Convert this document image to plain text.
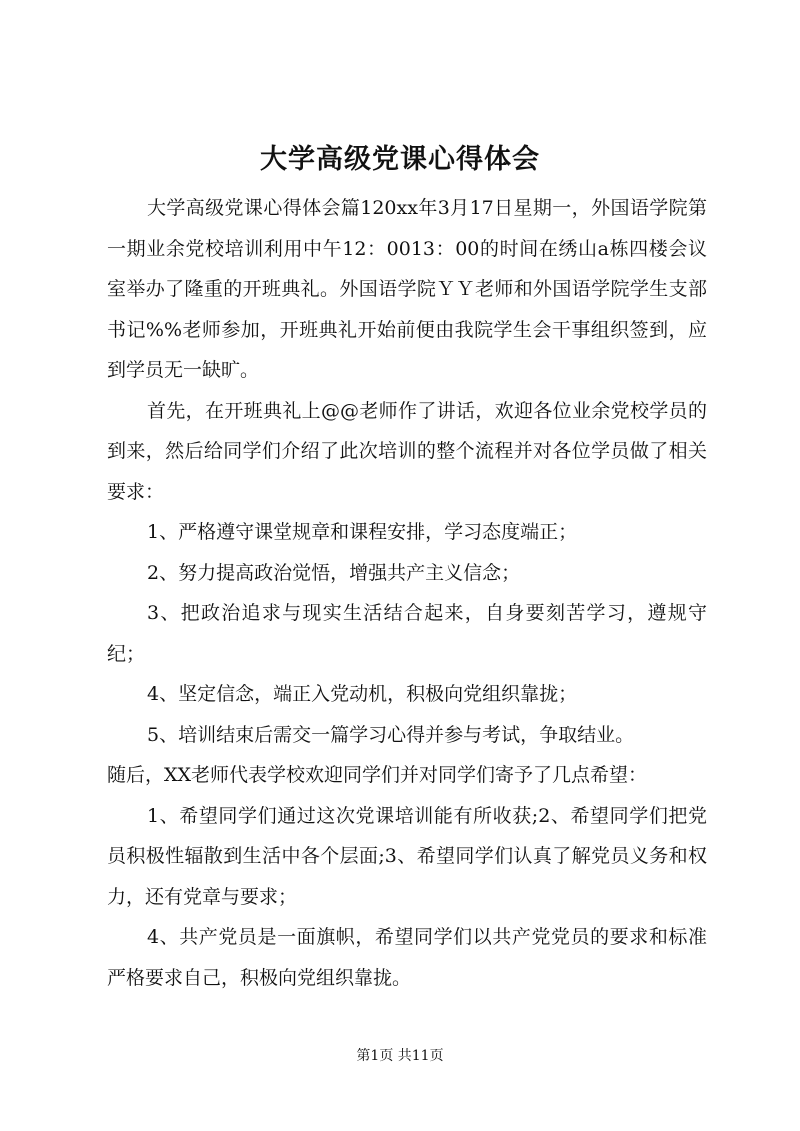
大学高级党课心得体会

大学高级党课心得体会篇120xx年3月17日星期一，外国语学院第一期业余党校培训利用中午12：0013：00的时间在绣山a栋四楼会议室举办了隆重的开班典礼。外国语学院ＹＹ老师和外国语学院学生支部书记%%老师参加，开班典礼开始前便由我院学生会干事组织签到，应到学员无一缺旷。

首先，在开班典礼上@@老师作了讲话，欢迎各位业余党校学员的到来，然后给同学们介绍了此次培训的整个流程并对各位学员做了相关要求：

1、严格遵守课堂规章和课程安排，学习态度端正；

2、努力提高政治觉悟，增强共产主义信念；

3、把政治追求与现实生活结合起来，自身要刻苦学习，遵规守纪；

4、坚定信念，端正入党动机，积极向党组织靠拢；

5、培训结束后需交一篇学习心得并参与考试，争取结业。

随后，XX老师代表学校欢迎同学们并对同学们寄予了几点希望：

1、希望同学们通过这次党课培训能有所收获;2、希望同学们把党员积极性辐散到生活中各个层面;3、希望同学们认真了解党员义务和权力，还有党章与要求；

4、共产党员是一面旗帜，希望同学们以共产党党员的要求和标准严格要求自己，积极向党组织靠拢。

第1页 共11页
